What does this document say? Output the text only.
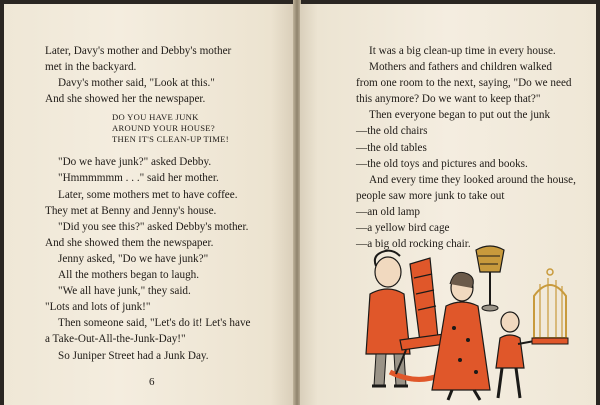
Later, Davy's mother and Debby's mother

met in the backyard.

Davy's mother said, "Look at this."

And she showed her the newspaper.

DO YOU HAVE JUNK
AROUND YOUR HOUSE?
THEN IT'S CLEAN-UP TIME!

"Do we have junk?" asked Debby.

"Hmmmmmm . . ." said her mother.

Later, some mothers met to have coffee.

They met at Benny and Jenny's house.

"Did you see this?" asked Debby's mother.

And she showed them the newspaper.

Jenny asked, "Do we have junk?"

All the mothers began to laugh.

"We all have junk," they said.

"Lots and lots of junk!"

Then someone said, "Let's do it! Let's have

a Take-Out-All-the-Junk-Day!"

So Juniper Street had a Junk Day.

6

It was a big clean-up time in every house.

Mothers and fathers and children walked

from one room to the next, saying, "Do we need

this anymore? Do we want to keep that?"

Then everyone began to put out the junk

—the old chairs

—the old tables

—the old toys and pictures and books.

And every time they looked around the house,

people saw more junk to take out

—an old lamp

—a yellow bird cage

—a big old rocking chair.
